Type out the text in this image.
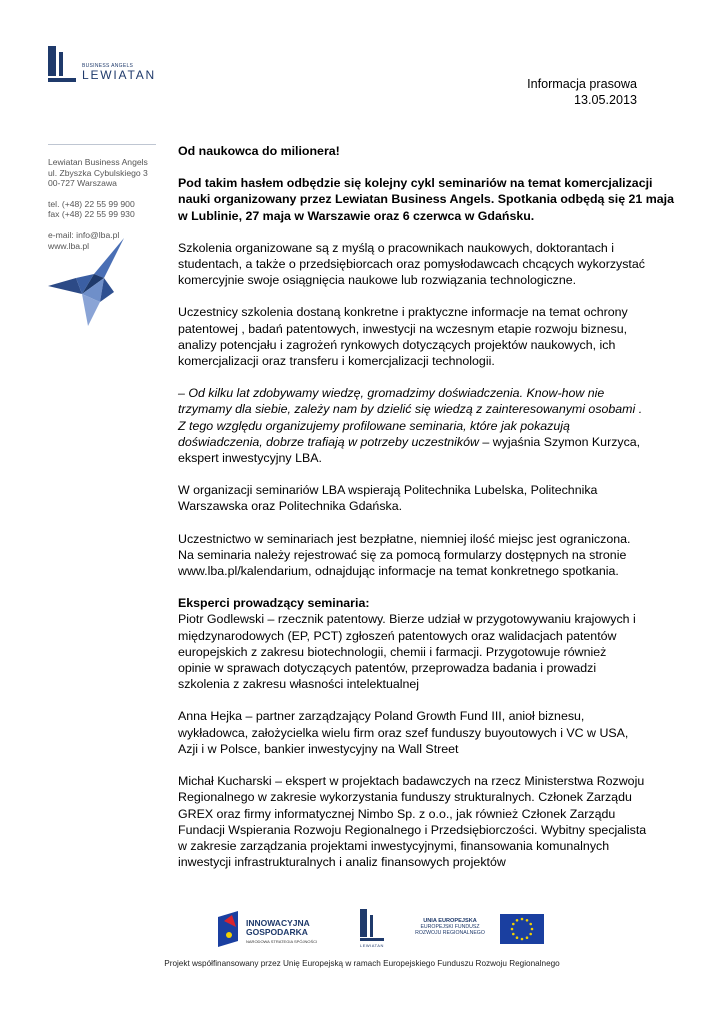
BUSINESS ANGELS
LEWIATAN
Lewiatan Business Angels
ul. Zbyszka Cybulskiego 3
00-727 Warszawa
tel. (+48) 22 55 99 900
fax (+48) 22 55 99 930
e-mail: info@lba.pl
www.lba.pl
Informacja prasowa
13.05.2013

Od naukowca do milionera!

Pod takim hasłem odbędzie się kolejny cykl seminariów na temat komercjalizacji
nauki organizowany przez Lewiatan Business Angels. Spotkania odbędą się 21 maja
w Lublinie, 27 maja w Warszawie oraz 6 czerwca w Gdańsku.

Szkolenia organizowane są z myślą o pracownikach naukowych, doktorantach i
studentach, a także o przedsiębiorcach oraz pomysłodawcach chcących wykorzystać
komercyjnie swoje osiągnięcia naukowe lub rozwiązania technologiczne.

Uczestnicy szkolenia dostaną konkretne i praktyczne informacje na temat ochrony
patentowej , badań patentowych, inwestycji na wczesnym etapie rozwoju biznesu,
analizy potencjału i zagrożeń rynkowych dotyczących projektów naukowych, ich
komercjalizacji oraz transferu i komercjalizacji technologii.

– Od kilku lat zdobywamy wiedzę, gromadzimy doświadczenia. Know-how nie
trzymamy dla siebie, zależy nam by dzielić się wiedzą z zainteresowanymi osobami .
Z tego względu organizujemy profilowane seminaria, które jak pokazują
doświadczenia, dobrze trafiają w potrzeby uczestników – wyjaśnia Szymon Kurzyca,
ekspert inwestycyjny LBA.

W organizacji seminariów LBA wspierają Politechnika Lubelska, Politechnika
Warszawska oraz Politechnika Gdańska.

Uczestnictwo w seminariach jest bezpłatne, niemniej ilość miejsc jest ograniczona.
Na seminaria należy rejestrować się za pomocą formularzy dostępnych na stronie
www.lba.pl/kalendarium, odnajdując informacje na temat konkretnego spotkania.

Eksperci prowadzący seminaria:
Piotr Godlewski – rzecznik patentowy. Bierze udział w przygotowywaniu krajowych i
międzynarodowych (EP, PCT) zgłoszeń patentowych oraz walidacjach patentów
europejskich z zakresu biotechnologii, chemii i farmacji. Przygotowuje również
opinie w sprawach dotyczących patentów, przeprowadza badania i prowadzi
szkolenia z zakresu własności intelektualnej

Anna Hejka – partner zarządzający Poland Growth Fund III, anioł biznesu,
wykładowca, założycielka wielu firm oraz szef funduszy buyoutowych i VC w USA,
Azji i w Polsce, bankier inwestycyjny na Wall Street

Michał Kucharski – ekspert w projektach badawczych na rzecz Ministerstwa Rozwoju
Regionalnego w zakresie wykorzystania funduszy strukturalnych. Członek Zarządu
GREX oraz firmy informatycznej Nimbo Sp. z o.o., jak również Członek Zarządu
Fundacji Wspierania Rozwoju Regionalnego i Przedsiębiorczości. Wybitny specjalista
w zakresie zarządzania projektami inwestycyjnymi, finansowania komunalnych
inwestycji infrastrukturalnych i analiz finansowych projektów

INNOWACYJNA
GOSPODARKA
NARODOWA STRATEGIA SPÓJNOŚCI
LEWIATAN
UNIA EUROPEJSKA
EUROPEJSKI FUNDUSZ
ROZWOJU REGIONALNEGO
Projekt współfinansowany przez Unię Europejską w ramach Europejskiego Funduszu Rozwoju Regionalnego
